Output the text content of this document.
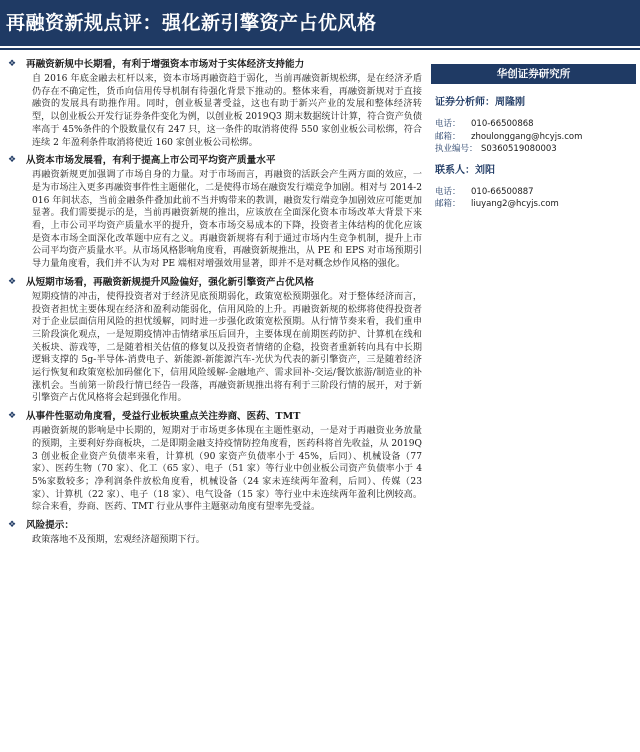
再融资新规点评：强化新引擎资产占优风格
❖	再融资新规中长期看，有利于增强资本市场对于实体经济支持能力
自 2016 年底金融去杠杆以来，资本市场再融资趋于弱化，当前再融资新规松绑，是在经济矛盾仍存在不确定性，货币向信用传导机制有待强化背景下推动的。整体来看，再融资新规对于直接融资的发展具有助推作用。同时，创业板显著受益，这也有助于新兴产业的发展和整体经济转型，以创业板公开发行证券条件变化为例，以创业板 2019Q3 期末数据统计计算，符合资产负债率高于 45%条件的个股数量仅有 247 只，这一条件的取消将使得 550 家创业板公司松绑，符合连续 2 年盈利条件取消将使近 160 家创业板公司松绑。
❖	从资本市场发展看，有利于提高上市公司平均资产质量水平
再融资新规更加强调了市场自身的力量。对于市场而言，再融资的活跃会产生两方面的效应，一是为市场注入更多再融资事件性主题催化，二是使得市场在融资发行端竞争加剧。相对与 2014-2016 年间状态，当前金融条件叠加此前不当并购带来的教训，融资发行端竞争加剧效应可能更加显著。我们需要提示的是，当前再融资新规的推出，应该放在全面深化资本市场改革大背景下来看，上市公司平均资产质量水平的提升，资本市场交易成本的下降，投资者主体结构的优化应该是资本市场全面深化改革题中应有之义。再融资新规将有利于通过市场内生竞争机制，提升上市公司平均资产质量水平。从市场风格影响角度看，再融资新规推出，从 PE 和 EPS 对市场预期引导力量角度看，我们并不认为对 PE 端相对增强效用显著，即并不是对概念炒作风格的强化。
❖	从短期市场看，再融资新规提升风险偏好，强化新引擎资产占优风格
短期疫情的冲击，使得投资者对于经济见底预期弱化，政策宽松预期强化。对于整体经济而言，投资者担忧主要体现在经济和盈利动能弱化，信用风险的上升。再融资新规的松绑将使得投资者对于企业层面信用风险的担忧缓解，同时进一步强化政策宽松预期。从行情节奏来看，我们重申三阶段演化观点，一是短期疫情冲击情绪承压后回升，主要体现在前期医药防护、计算机在线和关板块、游戏等，二是随着相关估值的修复以及投资者情绪的企稳，投资者重新转向具有中长期逻辑支撑的 5g-半导体-消费电子、新能源-新能源汽车-光伏为代表的新引擎资产，三是随着经济运行恢复和政策宽松加码催化下，信用风险缓解-金融地产、需求回补-交运/餐饮旅游/制造业的补涨机会。当前第一阶段行情已经告一段落，再融资新规推出将有利于三阶段行情的展开，对于新引擎资产占优风格将会起到强化作用。
❖	从事件性驱动角度看，受益行业板块重点关注券商、医药、TMT
再融资新规的影响是中长期的，短期对于市场更多体现在主题性驱动，一是对于再融资业务放量的预期，主要利好券商板块，二是即期金融支持疫情防控角度看，医药科将首先收益，从 2019Q3 创业板企业资产负债率来看，计算机（90 家资产负债率小于 45%，后同）、机械设备（77 家）、医药生物（70 家）、化工（65 家）、电子（51 家）等行业中创业板公司资产负债率小于 45%家数较多；净利润条件放松角度看，机械设备（24 家未连续两年盈利，后同）、传媒（23 家）、计算机（22 家）、电子（18 家）、电气设备（15 家）等行业中未连续两年盈利比例较高。综合来看，券商、医药、TMT 行业从事件主题驱动角度有望率先受益。
❖	风险提示：
政策落地不及预期，宏观经济超预期下行。
华创证券研究所
证券分析师：周隆刚
电话：	010-66500868
邮箱：	zhoulonggang@hcyjs.com
执业编号： S0360519080003
联系人：刘阳
电话：	010-66500887
邮箱：	liuyang2@hcyjs.com
